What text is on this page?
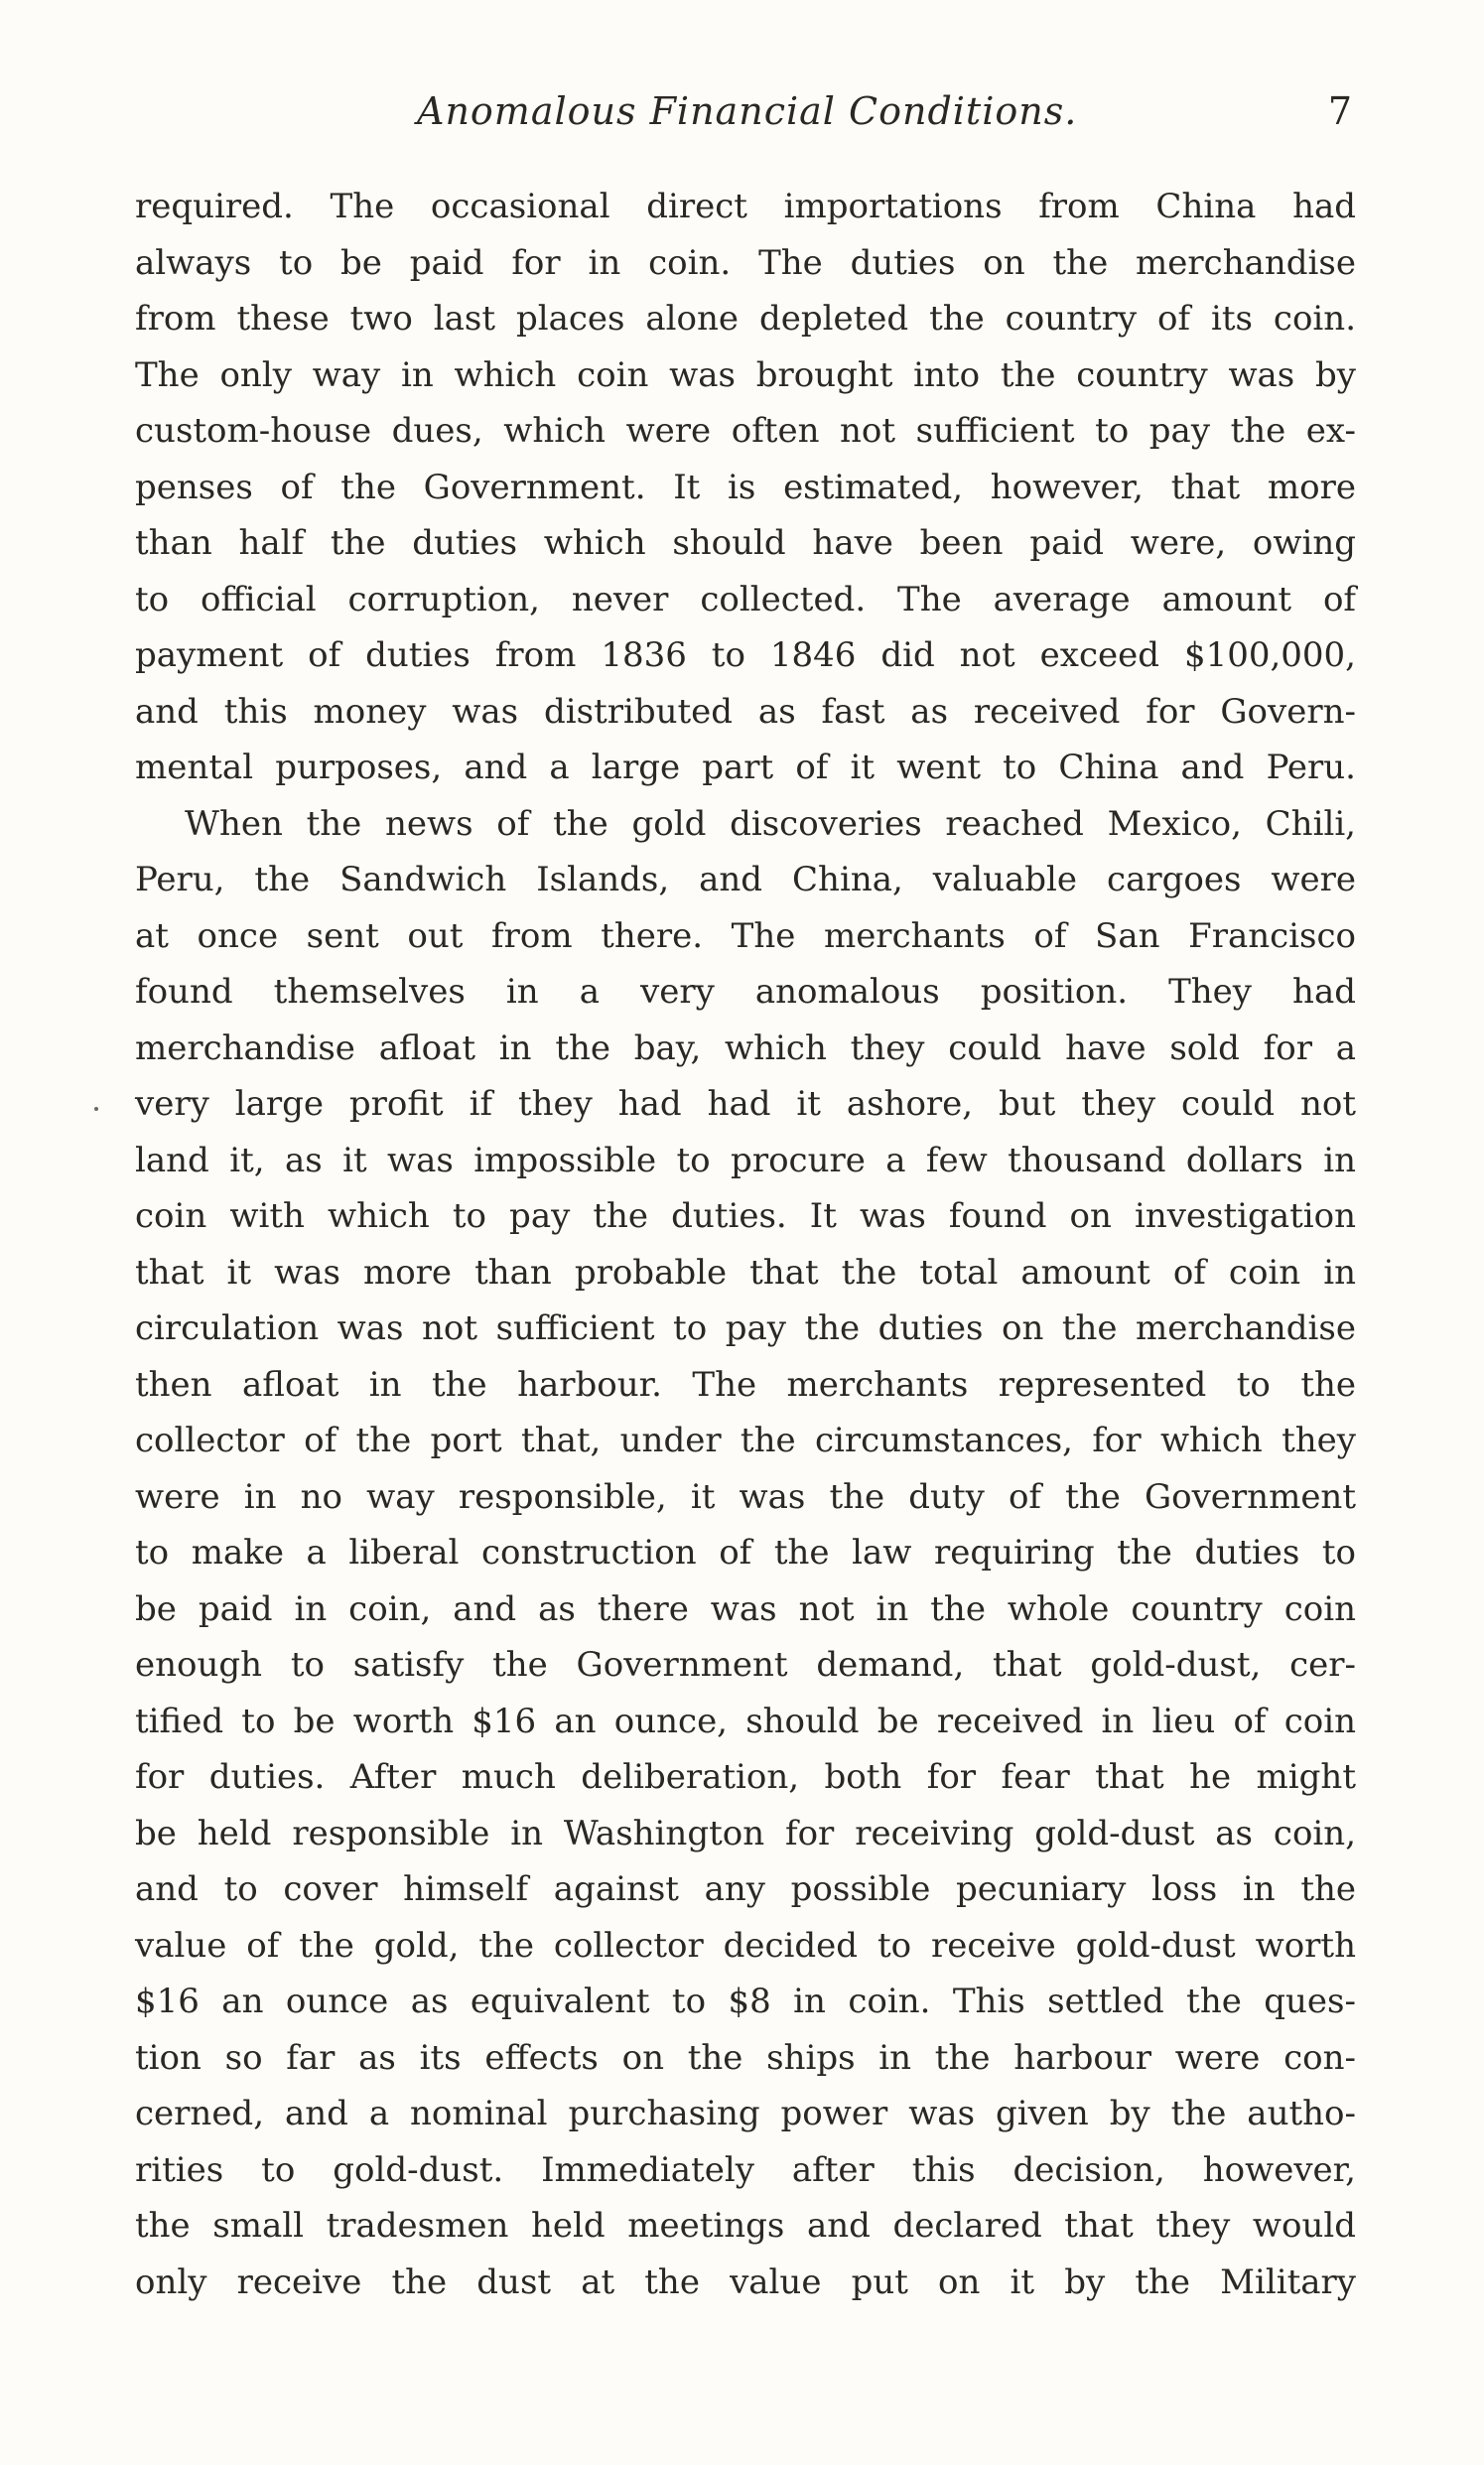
Anomalous Financial Conditions.	7
required. The occasional direct importations from China had
always to be paid for in coin. The duties on the merchandise
from these two last places alone depleted the country of its coin.
The only way in which coin was brought into the country was by
custom-house dues, which were often not sufficient to pay the ex-
penses of the Government. It is estimated, however, that more
than half the duties which should have been paid were, owing
to official corruption, never collected. The average amount of
payment of duties from 1836 to 1846 did not exceed $100,000,
and this money was distributed as fast as received for Govern-
mental purposes, and a large part of it went to China and Peru.
When the news of the gold discoveries reached Mexico, Chili,
Peru, the Sandwich Islands, and China, valuable cargoes were
at once sent out from there. The merchants of San Francisco
found themselves in a very anomalous position. They had
merchandise afloat in the bay, which they could have sold for a
very large profit if they had had it ashore, but they could not
land it, as it was impossible to procure a few thousand dollars in
coin with which to pay the duties. It was found on investigation
that it was more than probable that the total amount of coin in
circulation was not sufficient to pay the duties on the merchandise
then afloat in the harbour. The merchants represented to the
collector of the port that, under the circumstances, for which they
were in no way responsible, it was the duty of the Government
to make a liberal construction of the law requiring the duties to
be paid in coin, and as there was not in the whole country coin
enough to satisfy the Government demand, that gold-dust, cer-
tified to be worth $16 an ounce, should be received in lieu of coin
for duties. After much deliberation, both for fear that he might
be held responsible in Washington for receiving gold-dust as coin,
and to cover himself against any possible pecuniary loss in the
value of the gold, the collector decided to receive gold-dust worth
$16 an ounce as equivalent to $8 in coin. This settled the ques-
tion so far as its effects on the ships in the harbour were con-
cerned, and a nominal purchasing power was given by the autho-
rities to gold-dust. Immediately after this decision, however,
the small tradesmen held meetings and declared that they would
only receive the dust at the value put on it by the Military
